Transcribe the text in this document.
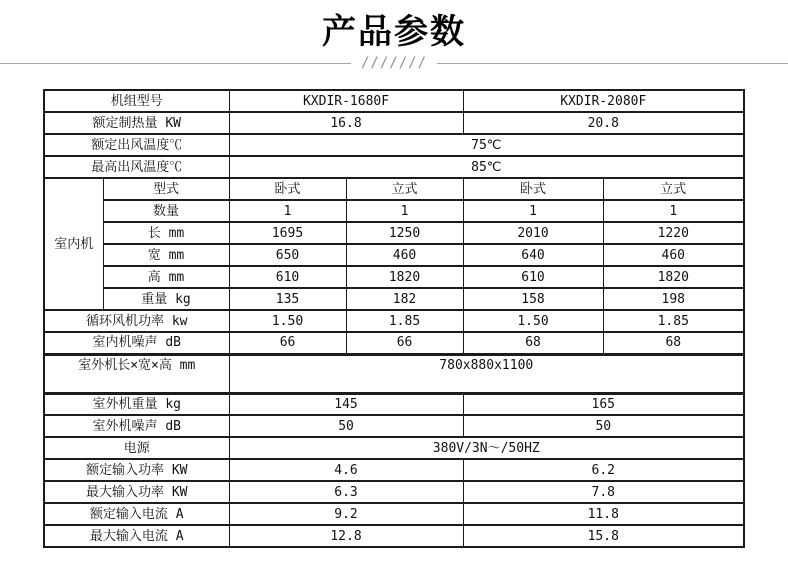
产品参数
///////
机组型号		KXDIR-1680F		KXDIR-2080F	
额定制热量 KW		16.8		20.8	
额定出风温度℃		75℃			
最高出风温度℃		85℃			
室内机	型式	卧式	立式	卧式	立式
	数量	1	1	1	1
	长 mm	1695	1250	2010	1220
	宽 mm	650	460	640	460
	高 mm	610	1820	610	1820
	重量 kg	135	182	158	198
循环风机功率 kw		1.50	1.85	1.50	1.85
室内机噪声 dB		66	66	68	68
室外机长×宽×高 mm		780x880x1100			
室外机重量 kg		145		165	
室外机噪声 dB		50		50	
电源		380V/3N～/50HZ			
额定输入功率 KW		4.6		6.2	
最大输入功率 KW		6.3		7.8	
额定输入电流 A		9.2		11.8	
最大输入电流 A		12.8		15.8	
